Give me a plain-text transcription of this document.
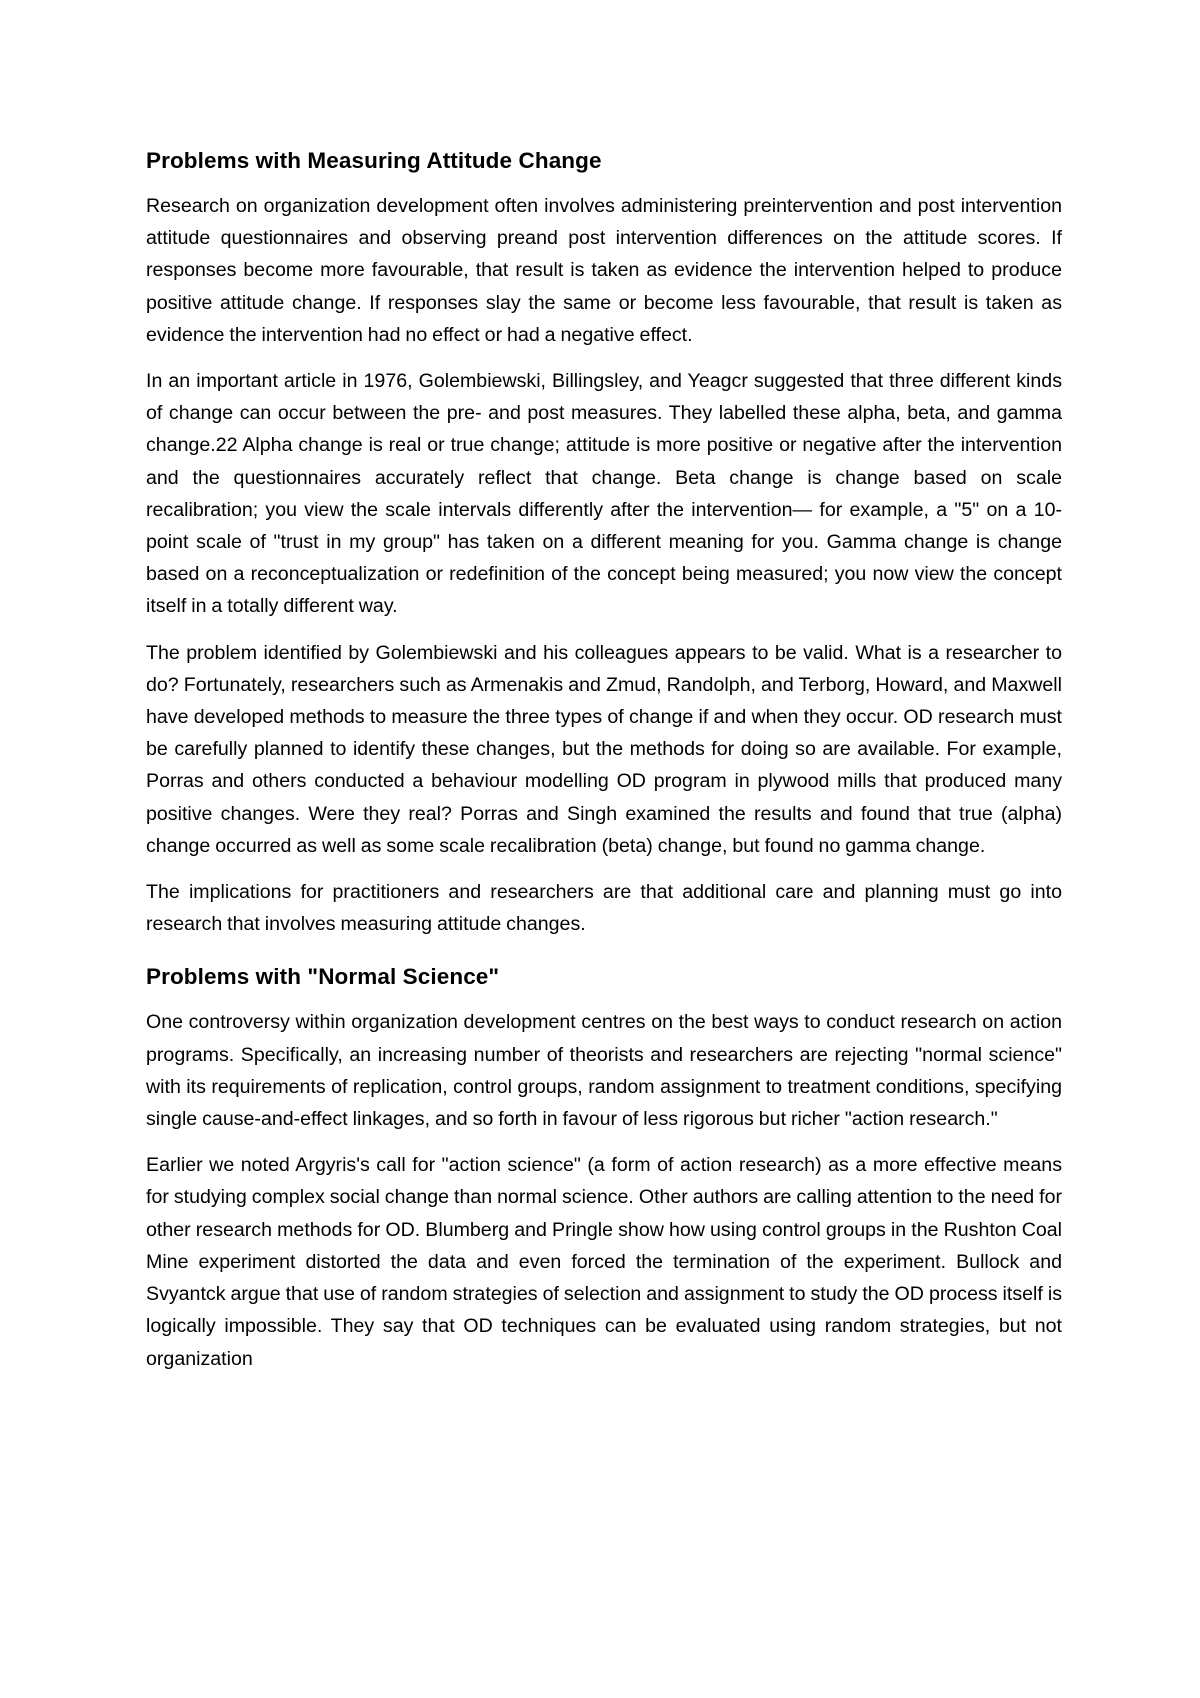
Problems with Measuring Attitude Change

Research on organization development often involves administering preintervention and post intervention attitude questionnaires and observing preand post intervention differences on the attitude scores. If responses become more favourable, that result is taken as evidence the intervention helped to produce positive attitude change. If responses slay the same or become less favourable, that result is taken as evidence the intervention had no effect or had a negative effect.

In an important article in 1976, Golembiewski, Billingsley, and Yeagcr suggested that three different kinds of change can occur between the pre- and post measures. They labelled these alpha, beta, and gamma change.22 Alpha change is real or true change; attitude is more positive or negative after the intervention and the questionnaires accurately reflect that change. Beta change is change based on scale recalibration; you view the scale intervals differently after the intervention— for example, a "5" on a 10-point scale of "trust in my group" has taken on a different meaning for you. Gamma change is change based on a reconceptualization or redefinition of the concept being measured; you now view the concept itself in a totally different way.

The problem identified by Golembiewski and his colleagues appears to be valid. What is a researcher to do? Fortunately, researchers such as Armenakis and Zmud, Randolph, and Terborg, Howard, and Maxwell have developed methods to measure the three types of change if and when they occur. OD research must be carefully planned to identify these changes, but the methods for doing so are available. For example, Porras and others conducted a behaviour modelling OD program in plywood mills that produced many positive changes. Were they real? Porras and Singh examined the results and found that true (alpha) change occurred as well as some scale recalibration (beta) change, but found no gamma change.

The implications for practitioners and researchers are that additional care and planning must go into research that involves measuring attitude changes.

Problems with "Normal Science"

One controversy within organization development centres on the best ways to conduct research on action programs. Specifically, an increasing number of theorists and researchers are rejecting "normal science" with its requirements of replication, control groups, random assignment to treatment conditions, specifying single cause-and-effect linkages, and so forth in favour of less rigorous but richer "action research."

Earlier we noted Argyris's call for "action science" (a form of action research) as a more effective means for studying complex social change than normal science. Other authors are calling attention to the need for other research methods for OD. Blumberg and Pringle show how using control groups in the Rushton Coal Mine experiment distorted the data and even forced the termination of the experiment. Bullock and Svyantck argue that use of random strategies of selection and assignment to study the OD process itself is logically impossible. They say that OD techniques can be evaluated using random strategies, but not organization
